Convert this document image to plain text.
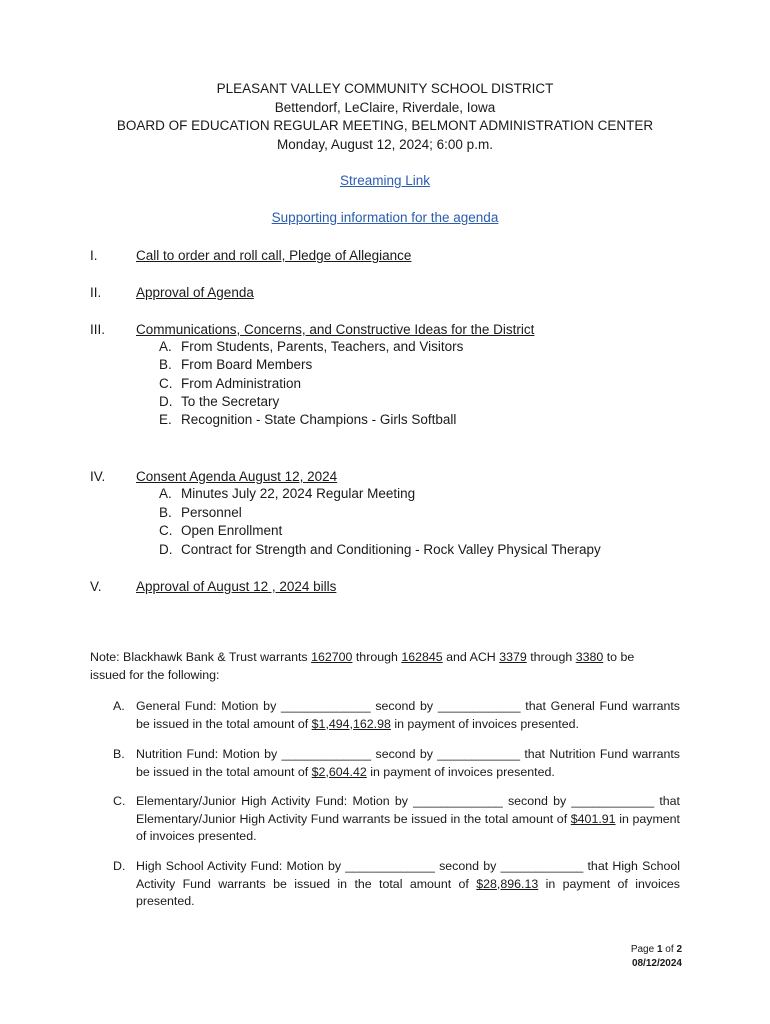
PLEASANT VALLEY COMMUNITY SCHOOL DISTRICT
Bettendorf, LeClaire, Riverdale, Iowa
BOARD OF EDUCATION REGULAR MEETING, BELMONT ADMINISTRATION CENTER
Monday, August 12, 2024; 6:00 p.m.
Streaming Link
Supporting information for the agenda
I.	Call to order and roll call, Pledge of Allegiance
II.	Approval of Agenda
III.	Communications, Concerns, and Constructive Ideas for the District
A. From Students, Parents, Teachers, and Visitors
B. From Board Members
C. From Administration
D. To the Secretary
E. Recognition - State Champions - Girls Softball
IV.	Consent Agenda August 12, 2024
A. Minutes July 22, 2024 Regular Meeting
B. Personnel
C. Open Enrollment
D. Contract for Strength and Conditioning - Rock Valley Physical Therapy
V.	Approval of August 12 , 2024 bills
Note: Blackhawk Bank & Trust warrants 162700 through 162845 and ACH 3379 through 3380 to be issued for the following:
A. General Fund: Motion by _____________ second by ____________ that General Fund warrants be issued in the total amount of $1,494,162.98 in payment of invoices presented.
B. Nutrition Fund: Motion by _____________ second by ____________ that Nutrition Fund warrants be issued in the total amount of $2,604.42 in payment of invoices presented.
C. Elementary/Junior High Activity Fund: Motion by _____________ second by ____________ that Elementary/Junior High Activity Fund warrants be issued in the total amount of $401.91 in payment of invoices presented.
D. High School Activity Fund: Motion by _____________ second by ____________ that High School Activity Fund warrants be issued in the total amount of $28,896.13 in payment of invoices presented.
Page 1 of 2
08/12/2024
